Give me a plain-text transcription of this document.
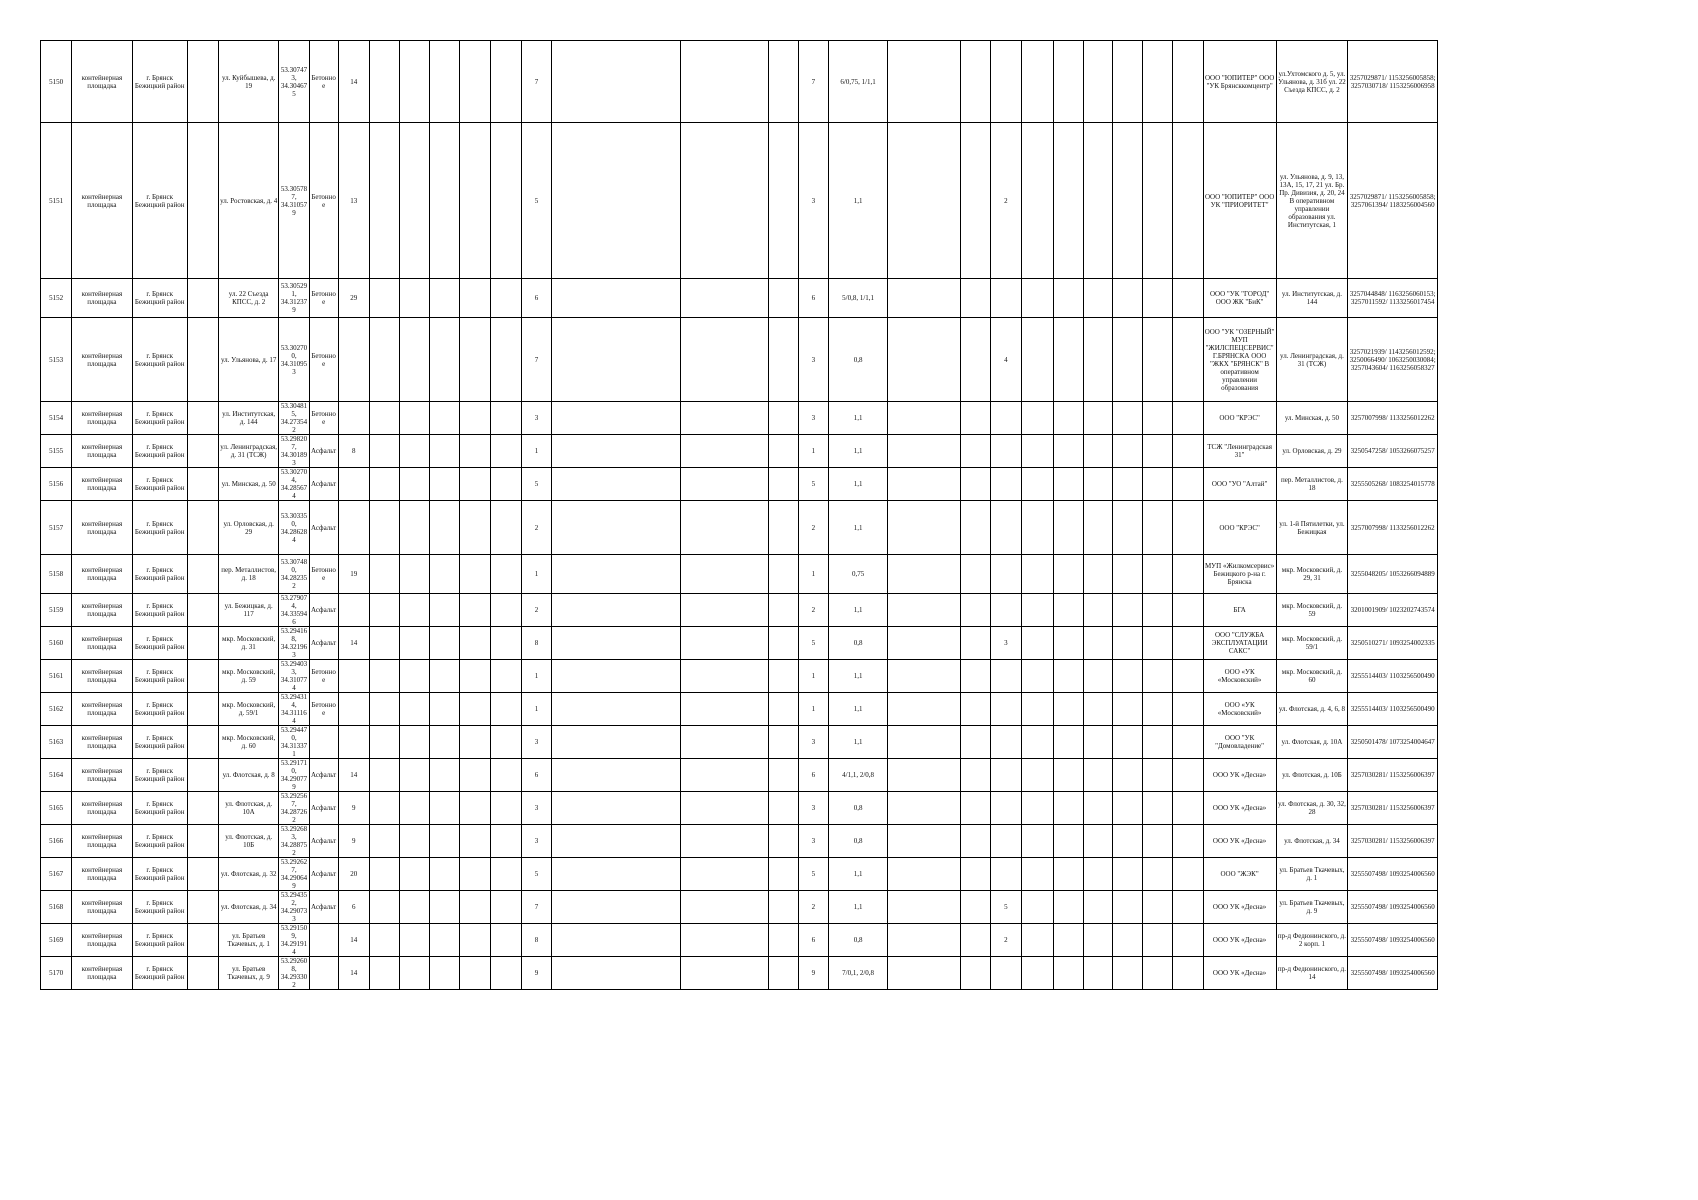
5150	контейнерная площадка	г. Брянск Бежицкий район		ул. Куйбышева, д. 19	53.307473, 34.304675	Бетонное	14						7				7	6/0,75, 1/1,1										ООО "ЮПИТЕР" ООО "УК Брянсккомцентр"	ул.Ухтомского д. 5, ул. Ульянова, д. 31б ул. 22 Съезда КПСС, д. 2	3257029871/ 1153256005858; 3257030718/ 1153256006958
5151	контейнерная площадка	г. Брянск Бежицкий район		ул. Ростовская, д. 4	53.305787, 34.310579	Бетонное	13						5				3	1,1			2							ООО "ЮПИТЕР" ООО УК "ПРИОРИТЕТ"	ул. Ульянова, д. 9, 13, 13А, 15, 17, 21 ул. Бр. Пр. Дивизия, д. 20, 24 В оперативном управлении образования ул. Институтская, 1	3257029871/ 1153256005858; 3257061394/ 1183256004560
5152	контейнерная площадка	г. Брянск Бежицкий район		ул. 22 Съезда КПСС, д. 2	53.305291, 34.312379	Бетонное	29						6				6	5/0,8, 1/1,1										ООО "УК "ГОРОД" ООО ЖК "БиК"	ул. Институтская, д. 144	3257044848/ 1163256060153; 3257011592/ 1133256017454
5153	контейнерная площадка	г. Брянск Бежицкий район		ул. Ульянова, д. 17	53.302700, 34.310953	Бетонное							7				3	0,8			4							ООО "УК "ОЗЕРНЫЙ" МУП "ЖИЛСПЕЦСЕРВИС" Г.БРЯНСКА ООО "ЖКХ "БРЯНСК" В оперативном управлении образования	ул. Ленинградская, д. 31 (ТСЖ)	3257021939/ 1143256012592; 3250066490/ 1063250030084; 3257043604/ 1163256058327
5154	контейнерная площадка	г. Брянск Бежицкий район		ул. Институтская, д. 144	53.304815, 34.273542	Бетонное							3				3	1,1										ООО "КРЭС"	ул. Минская, д. 50	3257007998/ 1133256012262
5155	контейнерная площадка	г. Брянск Бежицкий район		ул. Ленинградская, д. 31 (ТСЖ)	53.298207, 34.301893	Асфальт	8						1				1	1,1										ТСЖ "Ленинградская 31"	ул. Орловская, д. 29	3250547258/ 1053266075257
5156	контейнерная площадка	г. Брянск Бежицкий район		ул. Минская, д. 50	53.302704, 34.285674	Асфальт							5				5	1,1										ООО "УО "Алтай"	пер. Металлистов, д. 18	3255505268/ 1083254015778
5157	контейнерная площадка	г. Брянск Бежицкий район		ул. Орловская, д. 29	53.303350, 34.286284	Асфальт							2				2	1,1										ООО "КРЭС"	ул. 1-й Пятилетки, ул. Бежицкая	3257007998/ 1133256012262
5158	контейнерная площадка	г. Брянск Бежицкий район		пер. Металлистов, д. 18	53.307480, 34.282352	Бетонное	19						1				1	0,75										МУП «Жилкомсервис» Бежицкого р-на г. Брянска	мкр. Московский, д. 29, 31	3255048205/ 1053266094889
5159	контейнерная площадка	г. Брянск Бежицкий район		ул. Бежицкая, д. 117	53.279074, 34.335946	Асфальт							2				2	1,1										БГА	мкр. Московский, д. 59	3201001909/ 1023202743574
5160	контейнерная площадка	г. Брянск Бежицкий район		мкр. Московский, д. 31	53.294168, 34.321963	Асфальт	14						8				5	0,8			3							ООО "СЛУЖБА ЭКСПЛУАТАЦИИ САКС"	мкр. Московский, д. 59/1	3250510271/ 1093254002335
5161	контейнерная площадка	г. Брянск Бежицкий район		мкр. Московский, д. 59	53.294033, 34.310774	Бетонное							1				1	1,1										ООО «УК «Московский»	мкр. Московский, д. 60	3255514403/ 1103256500490
5162	контейнерная площадка	г. Брянск Бежицкий район		мкр. Московский, д. 59/1	53.294314, 34.311164	Бетонное							1				1	1,1										ООО «УК «Московский»	ул. Флотская, д. 4, 6, 8	3255514403/ 1103256500490
5163	контейнерная площадка	г. Брянск Бежицкий район		мкр. Московский, д. 60	53.294470, 34.313371								3				3	1,1										ООО "УК "Домовладение"	ул. Флотская, д. 10А	3250501478/ 1073254004647
5164	контейнерная площадка	г. Брянск Бежицкий район		ул. Флотская, д. 8	53.291710, 34.290779	Асфальт	14						6				6	4/1,1, 2/0,8										ООО УК «Десна»	ул. Флотская, д. 10Б	3257030281/ 1153256006397
5165	контейнерная площадка	г. Брянск Бежицкий район		ул. Флотская, д. 10А	53.292567, 34.287262	Асфальт	9						3				3	0,8										ООО УК «Десна»	ул. Флотская, д. 30, 32, 28	3257030281/ 1153256006397
5166	контейнерная площадка	г. Брянск Бежицкий район		ул. Флотская, д. 10Б	53.292683, 34.288752	Асфальт	9						3				3	0,8										ООО УК «Десна»	ул. Флотская, д. 34	3257030281/ 1153256006397
5167	контейнерная площадка	г. Брянск Бежицкий район		ул. Флотская, д. 32	53.292627, 34.290649	Асфальт	20						5				5	1,1										ООО "ЖЭК"	ул. Братьев Ткачевых, д. 1	3255507498/ 1093254006560
5168	контейнерная площадка	г. Брянск Бежицкий район		ул. Флотская, д. 34	53.294352, 34.290733	Асфальт	6						7				2	1,1			5							ООО УК «Десна»	ул. Братьев Ткачевых, д. 9	3255507498/ 1093254006560
5169	контейнерная площадка	г. Брянск Бежицкий район		ул. Братьев Ткачевых, д. 1	53.291509, 34.291914		14						8				6	0,8			2							ООО УК «Десна»	пр-д Федюнинского, д. 2 корп. 1	3255507498/ 1093254006560
5170	контейнерная площадка	г. Брянск Бежицкий район		ул. Братьев Ткачевых, д. 9	53.292608, 34.293302		14						9				9	7/0,1, 2/0,8										ООО УК «Десна»	пр-д Федюнинского, д. 14	3255507498/ 1093254006560
